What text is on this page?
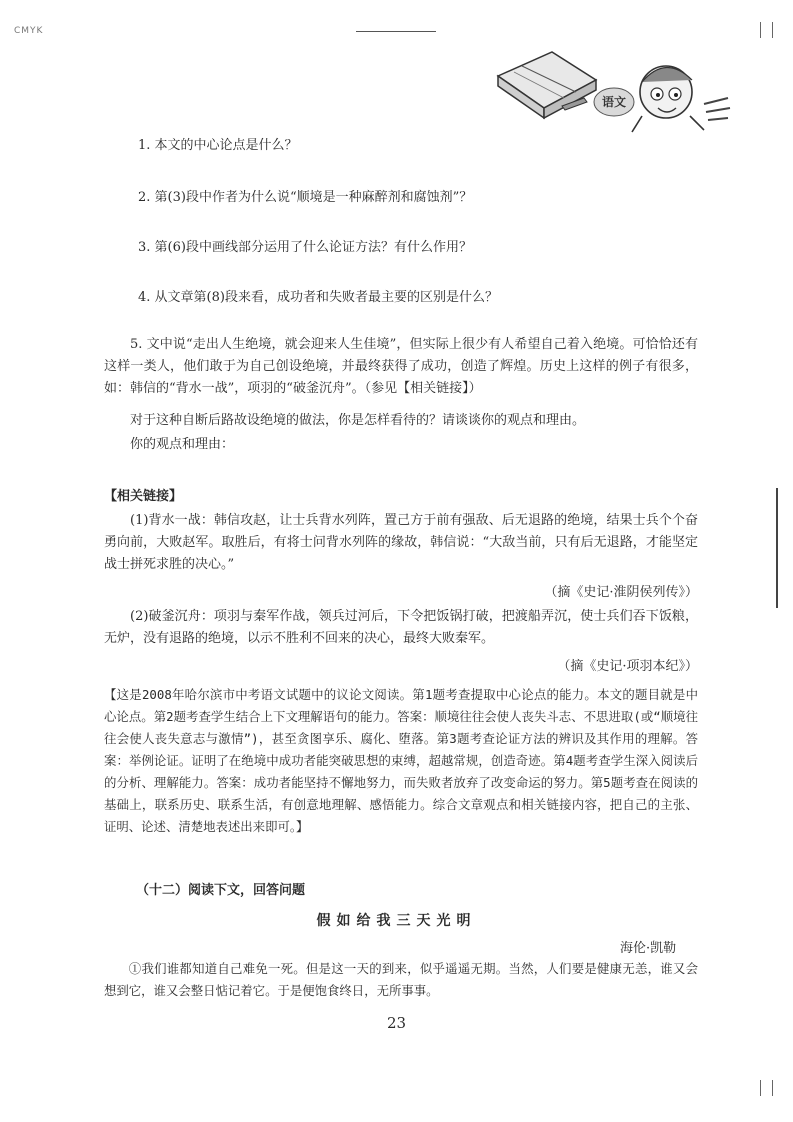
CMYK
语文
1. 本文的中心论点是什么？
2. 第(3)段中作者为什么说“顺境是一种麻醉剂和腐蚀剂”？
3. 第(6)段中画线部分运用了什么论证方法？有什么作用？
4. 从文章第(8)段来看，成功者和失败者最主要的区别是什么？
5. 文中说“走出人生绝境，就会迎来人生佳境”，但实际上很少有人希望自己着入绝境。可恰恰还有这样一类人，他们敢于为自己创设绝境，并最终获得了成功，创造了辉煌。历史上这样的例子有很多，如：韩信的“背水一战”，项羽的“破釜沉舟”。（参见【相关链接】）
对于这种自断后路故设绝境的做法，你是怎样看待的？请谈谈你的观点和理由。
你的观点和理由：
【相关链接】
(1)背水一战：韩信攻赵，让士兵背水列阵，置己方于前有强敌、后无退路的绝境，结果士兵个个奋勇向前，大败赵军。取胜后，有将士问背水列阵的缘故，韩信说：“大敌当前，只有后无退路，才能坚定战士拼死求胜的决心。”
（摘《史记·淮阴侯列传》）
(2)破釜沉舟：项羽与秦军作战，领兵过河后，下令把饭锅打破，把渡船弄沉，使士兵们吞下饭粮，无炉，没有退路的绝境，以示不胜利不回来的决心，最终大败秦军。
（摘《史记·项羽本纪》）
【这是2008年哈尔滨市中考语文试题中的议论文阅读。第1题考查提取中心论点的能力。本文的题目就是中心论点。第2题考查学生结合上下文理解语句的能力。答案：顺境往往会使人丧失斗志、不思进取(或“顺境往往会使人丧失意志与激情”)，甚至贪图享乐、腐化、堕落。第3题考查论证方法的辨识及其作用的理解。答案：举例论证。证明了在绝境中成功者能突破思想的束缚，超越常规，创造奇迹。第4题考查学生深入阅读后的分析、理解能力。答案：成功者能坚持不懈地努力，而失败者放弃了改变命运的努力。第5题考查在阅读的基础上，联系历史、联系生活，有创意地理解、感悟能力。综合文章观点和相关链接内容，把自己的主张、证明、论述、清楚地表述出来即可。】
（十二）阅读下文，回答问题
假如给我三天光明
海伦·凯勒
①我们谁都知道自己难免一死。但是这一天的到来，似乎遥遥无期。当然，人们要是健康无恙，谁又会想到它，谁又会整日惦记着它。于是便饱食终日，无所事事。
23
